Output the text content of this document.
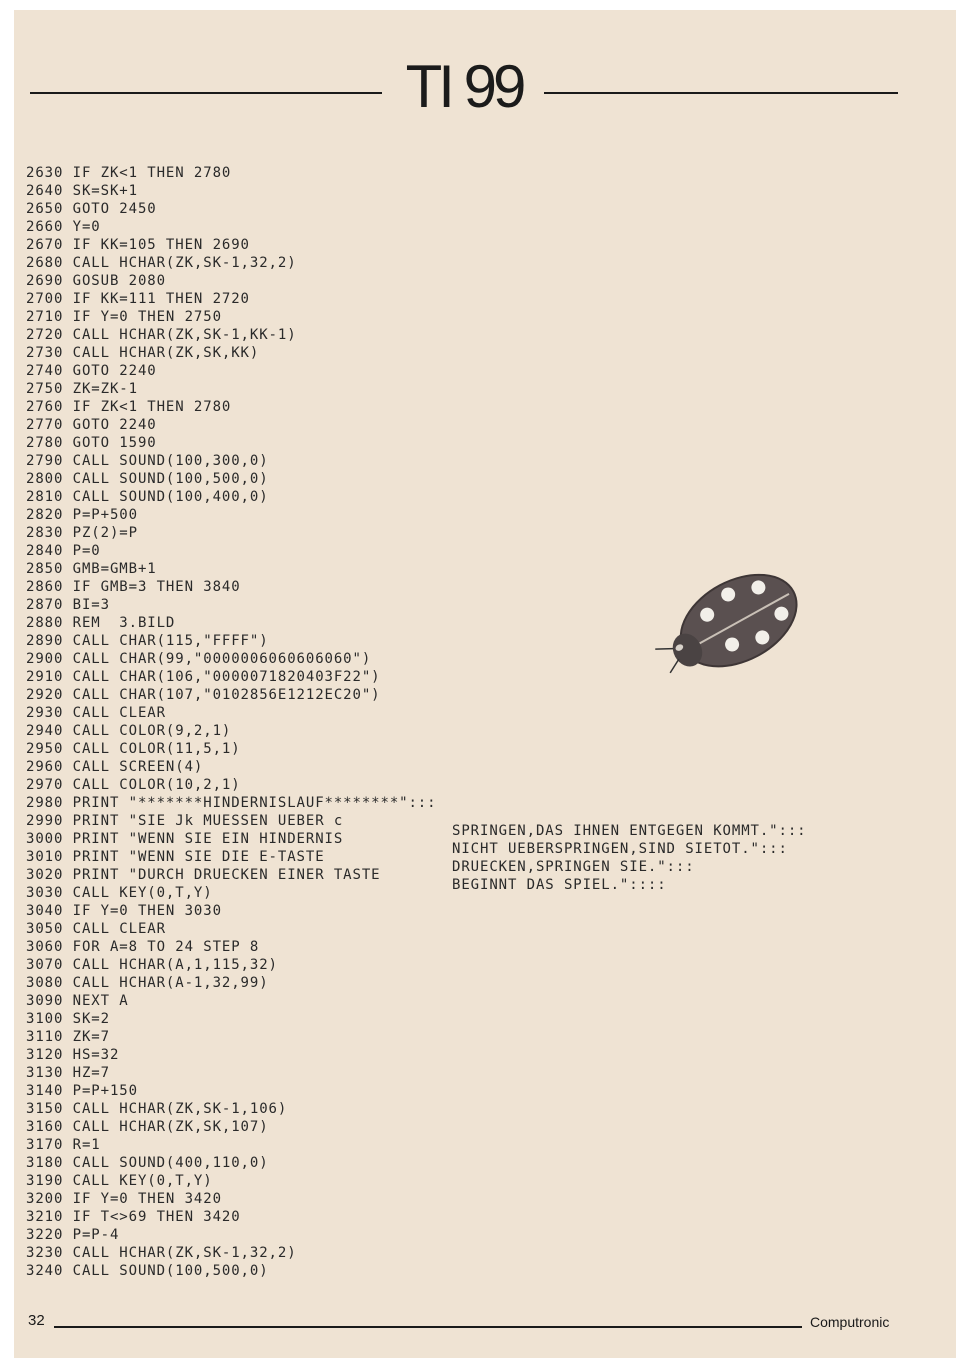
TI 99
2630 IF ZK<1 THEN 2780
2640 SK=SK+1
2650 GOTO 2450
2660 Y=0
2670 IF KK=105 THEN 2690
2680 CALL HCHAR(ZK,SK-1,32,2)
2690 GOSUB 2080
2700 IF KK=111 THEN 2720
2710 IF Y=0 THEN 2750
2720 CALL HCHAR(ZK,SK-1,KK-1)
2730 CALL HCHAR(ZK,SK,KK)
2740 GOTO 2240
2750 ZK=ZK-1
2760 IF ZK<1 THEN 2780
2770 GOTO 2240
2780 GOTO 1590
2790 CALL SOUND(100,300,0)
2800 CALL SOUND(100,500,0)
2810 CALL SOUND(100,400,0)
2820 P=P+500
2830 PZ(2)=P
2840 P=0
2850 GMB=GMB+1
2860 IF GMB=3 THEN 3840
2870 BI=3
2880 REM  3.BILD
2890 CALL CHAR(115,"FFFF")
2900 CALL CHAR(99,"0000006060606060")
2910 CALL CHAR(106,"0000071820403F22")
2920 CALL CHAR(107,"0102856E1212EC20")
2930 CALL CLEAR
2940 CALL COLOR(9,2,1)
2950 CALL COLOR(11,5,1)
2960 CALL SCREEN(4)
2970 CALL COLOR(10,2,1)
2980 PRINT "*******HINDERNISLAUF********":::
2990 PRINT "SIE Jk MUESSEN UEBER c
3000 PRINT "WENN SIE EIN HINDERNIS
3010 PRINT "WENN SIE DIE E-TASTE
3020 PRINT "DURCH DRUECKEN EINER TASTE
3030 CALL KEY(0,T,Y)
3040 IF Y=0 THEN 3030
3050 CALL CLEAR
3060 FOR A=8 TO 24 STEP 8
3070 CALL HCHAR(A,1,115,32)
3080 CALL HCHAR(A-1,32,99)
3090 NEXT A
3100 SK=2
3110 ZK=7
3120 HS=32
3130 HZ=7
3140 P=P+150
3150 CALL HCHAR(ZK,SK-1,106)
3160 CALL HCHAR(ZK,SK,107)
3170 R=1
3180 CALL SOUND(400,110,0)
3190 CALL KEY(0,T,Y)
3200 IF Y=0 THEN 3420
3210 IF T<>69 THEN 3420
3220 P=P-4
3230 CALL HCHAR(ZK,SK-1,32,2)
3240 CALL SOUND(100,500,0)
SPRINGEN,DAS IHNEN ENTGEGEN KOMMT.":::
NICHT UEBERSPRINGEN,SIND SIETOT.":::
DRUECKEN,SPRINGEN SIE.":::
BEGINNT DAS SPIEL."::::
32	Computronic
